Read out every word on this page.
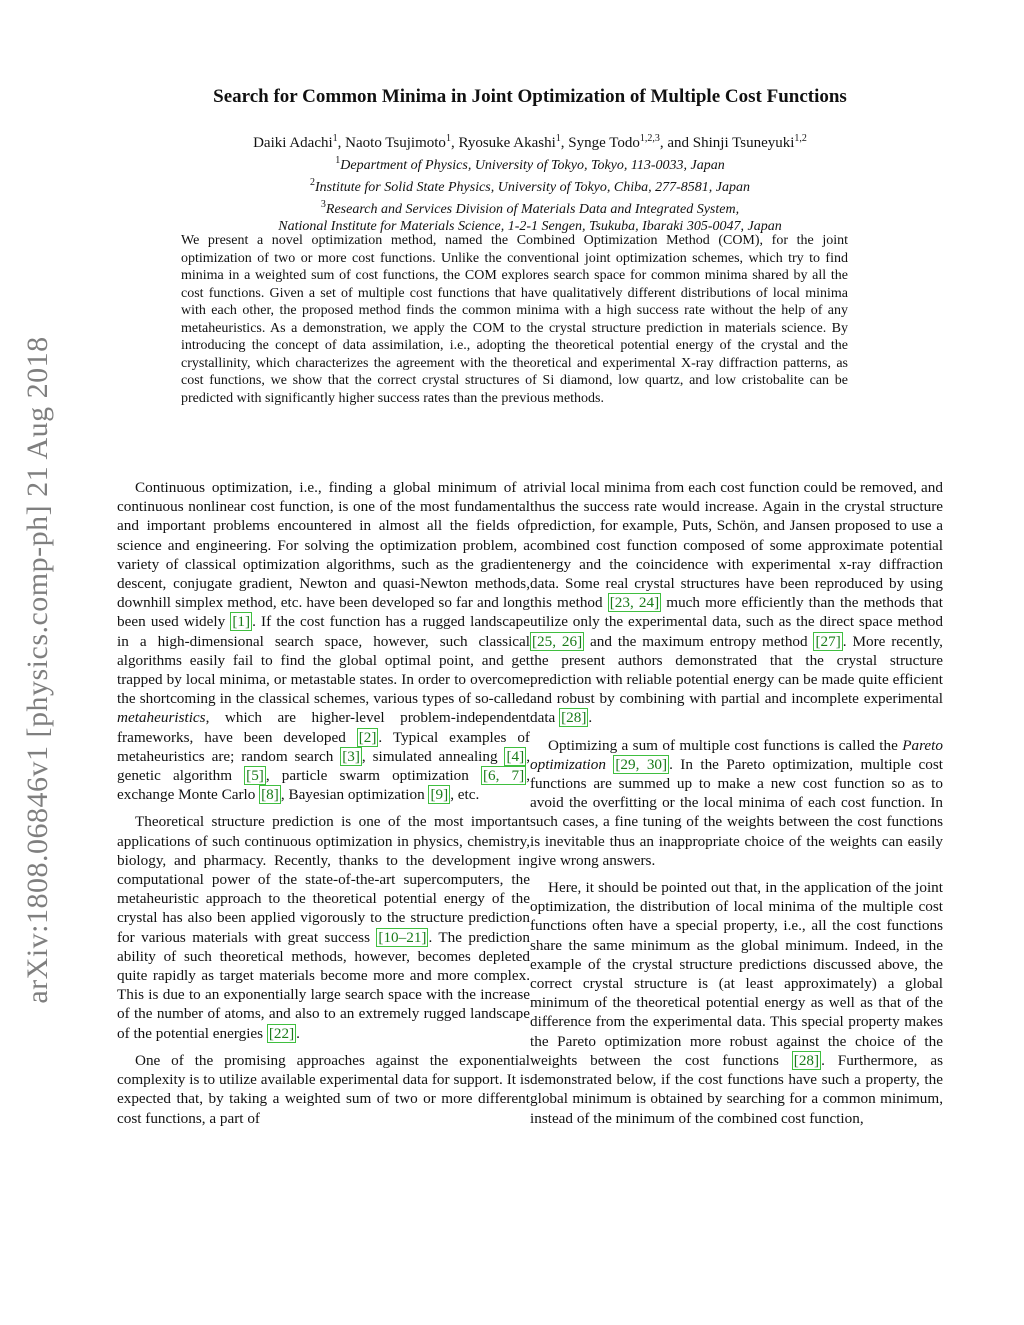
arXiv:1808.06846v1 [physics.comp-ph] 21 Aug 2018
Search for Common Minima in Joint Optimization of Multiple Cost Functions
Daiki Adachi$^1$, Naoto Tsujimoto$^1$, Ryosuke Akashi$^1$, Synge Todo$^{1,2,3}$, and Shinji Tsuneyuki$^{1,2}$
$^1$Department of Physics, University of Tokyo, Tokyo, 113-0033, Japan
$^2$Institute for Solid State Physics, University of Tokyo, Chiba, 277-8581, Japan
$^3$Research and Services Division of Materials Data and Integrated System,
National Institute for Materials Science, 1-2-1 Sengen, Tsukuba, Ibaraki 305-0047, Japan
We present a novel optimization method, named the Combined Optimization Method (COM), for the joint optimization of two or more cost functions. Unlike the conventional joint optimization schemes, which try to find minima in a weighted sum of cost functions, the COM explores search space for common minima shared by all the cost functions. Given a set of multiple cost functions that have qualitatively different distributions of local minima with each other, the proposed method finds the common minima with a high success rate without the help of any metaheuristics. As a demonstration, we apply the COM to the crystal structure prediction in materials science. By introducing the concept of data assimilation, i.e., adopting the theoretical potential energy of the crystal and the crystallinity, which characterizes the agreement with the theoretical and experimental X-ray diffraction patterns, as cost functions, we show that the correct crystal structures of Si diamond, low quartz, and low cristobalite can be predicted with significantly higher success rates than the previous methods.

Continuous optimization, i.e., finding a global minimum of a continuous nonlinear cost function, is one of the most fundamental and important problems encountered in almost all the fields of science and engineering. For solving the optimization problem, a variety of classical optimization algorithms, such as the gradient descent, conjugate gradient, Newton and quasi-Newton methods, downhill simplex method, etc. have been developed so far and long been used widely [1] . If the cost function has a rugged landscape in a high-dimensional search space, however, such classical algorithms easily fail to find the global optimal point, and get trapped by local minima, or metastable states. In order to overcome the shortcoming in the classical schemes, various types of so-called metaheuristics, which are higher-level problem-independent frameworks, have been developed [2] . Typical examples of metaheuristics are; random search [3] , simulated annealing [4] , genetic algorithm [5] , particle swarm optimization [6, 7] , exchange Monte Carlo [8] , Bayesian optimization [9] , etc.

Theoretical structure prediction is one of the most important applications of such continuous optimization in physics, chemistry, biology, and pharmacy. Recently, thanks to the development in computational power of the state-of-the-art supercomputers, the metaheuristic approach to the theoretical potential energy of the crystal has also been applied vigorously to the structure prediction for various materials with great success [10–21] . The prediction ability of such theoretical methods, however, becomes depleted quite rapidly as target materials become more and more complex. This is due to an exponentially large search space with the increase of the number of atoms, and also to an extremely rugged landscape of the potential energies [22] .

One of the promising approaches against the exponential complexity is to utilize available experimental data for support. It is expected that, by taking a weighted sum of two or more different cost functions, a part of

trivial local minima from each cost function could be removed, and thus the success rate would increase. Again in the crystal structure prediction, for example, Puts, Schön, and Jansen proposed to use a combined cost function composed of some approximate potential energy and the coincidence with experimental x-ray diffraction data. Some real crystal structures have been reproduced by using this method [23, 24] much more efficiently than the methods that utilize only the experimental data, such as the direct space method [25, 26] and the maximum entropy method [27] . More recently, the present authors demonstrated that the crystal structure prediction with reliable potential energy can be made quite efficient and robust by combining with partial and incomplete experimental data [28] .

Optimizing a sum of multiple cost functions is called the Pareto optimization [29, 30] . In the Pareto optimization, multiple cost functions are summed up to make a new cost function so as to avoid the overfitting or the local minima of each cost function. In such cases, a fine tuning of the weights between the cost functions is inevitable thus an inappropriate choice of the weights can easily give wrong answers.

Here, it should be pointed out that, in the application of the joint optimization, the distribution of local minima of the multiple cost functions often have a special property, i.e., all the cost functions share the same minimum as the global minimum. Indeed, in the example of the crystal structure predictions discussed above, the correct crystal structure is (at least approximately) a global minimum of the theoretical potential energy as well as that of the difference from the experimental data. This special property makes the Pareto optimization more robust against the choice of the weights between the cost functions [28] . Furthermore, as demonstrated below, if the cost functions have such a property, the global minimum is obtained by searching for a common minimum, instead of the minimum of the combined cost function,
